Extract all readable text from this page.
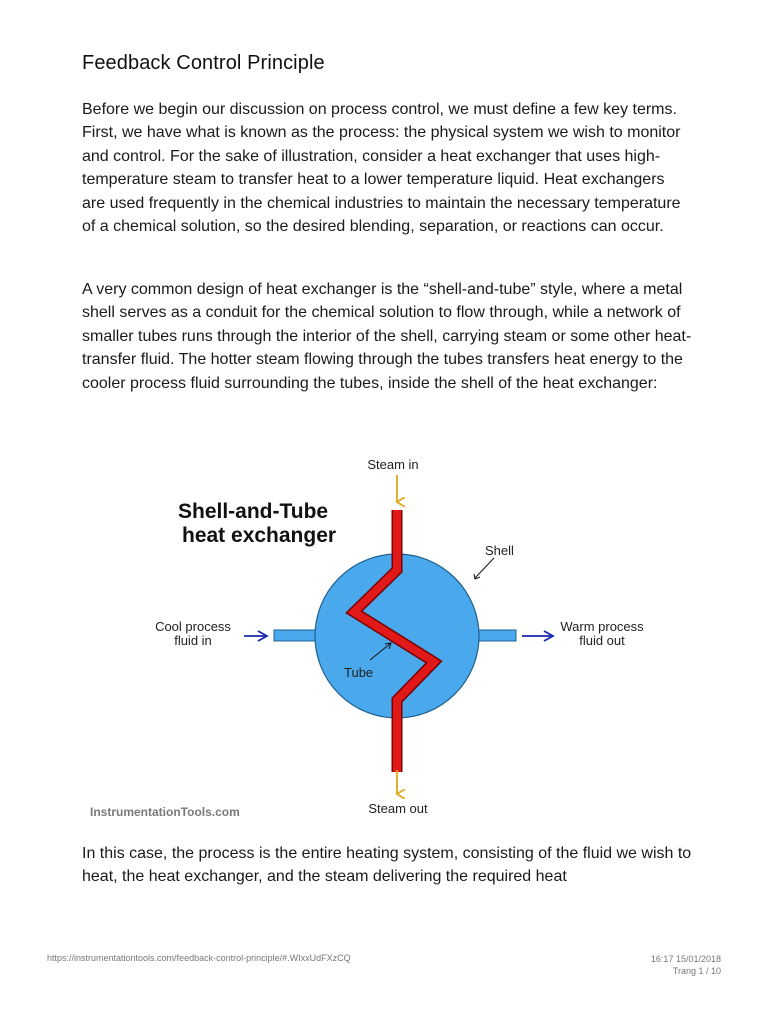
Feedback Control Principle

Before we begin our discussion on process control, we must define a few key terms. First, we have what is known as the process: the physical system we wish to monitor and control. For the sake of illustration, consider a heat exchanger that uses high-temperature steam to transfer heat to a lower temperature liquid. Heat exchangers are used frequently in the chemical industries to maintain the necessary temperature of a chemical solution, so the desired blending, separation, or reactions can occur.

A very common design of heat exchanger is the “shell-and-tube” style, where a metal shell serves as a conduit for the chemical solution to flow through, while a network of smaller tubes runs through the interior of the shell, carrying steam or some other heat-transfer fluid. The hotter steam flowing through the tubes transfers heat energy to the cooler process fluid surrounding the tubes, inside the shell of the heat exchanger:

Shell-and-Tube
heat exchanger
Steam in
Steam out
Shell
Tube
Cool process
fluid in
Warm process
fluid out
InstrumentationTools.com

In this case, the process is the entire heating system, consisting of the fluid we wish to heat, the heat exchanger, and the steam delivering the required heat

https://instrumentationtools.com/feedback-control-principle/#.WIxxUdFXzCQ	16:17 15/01/2018
Trang 1 / 10
